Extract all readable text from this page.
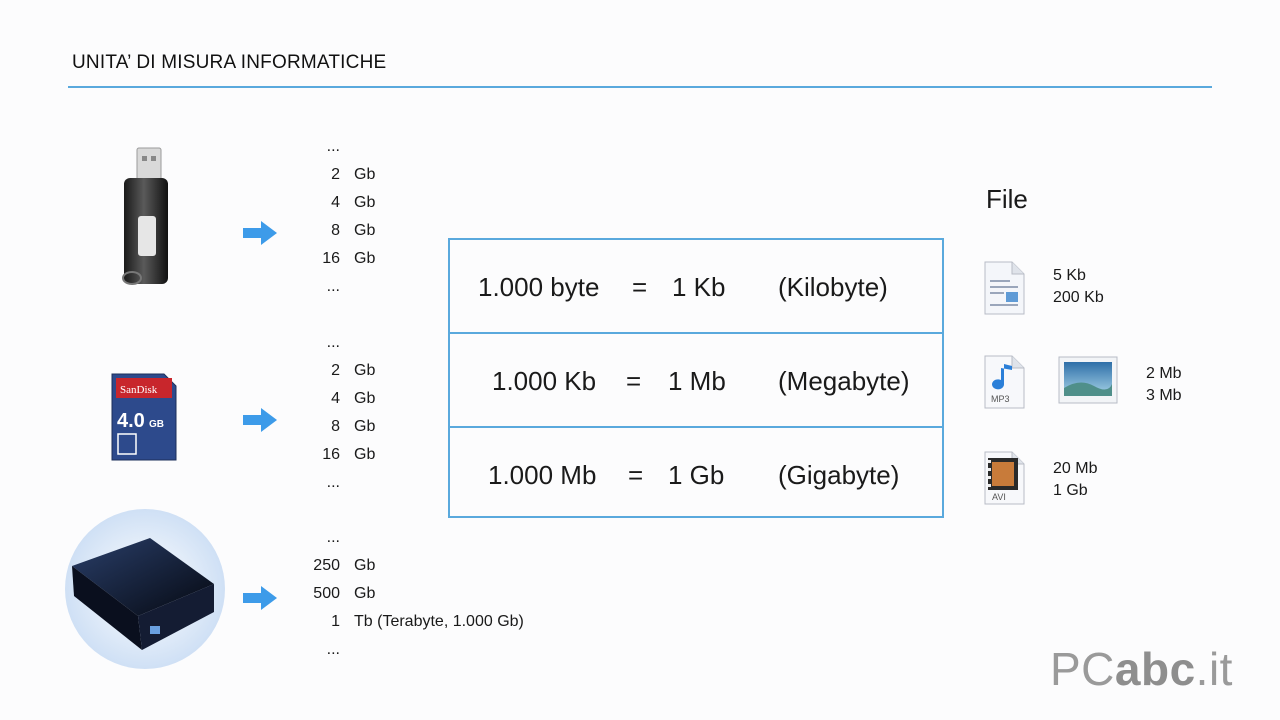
UNITA’ DI MISURA INFORMATICHE
SanDisk
4.0 GB
...
2 Gb
4 Gb
8 Gb
16 Gb
...
...
2 Gb
4 Gb
8 Gb
16 Gb
...
...
250 Gb
500 Gb
1 Tb (Terabyte, 1.000 Gb)
...
1.000 byte = 1 Kb (Kilobyte)
1.000 Kb = 1 Mb (Megabyte)
1.000 Mb = 1 Gb (Gigabyte)
File
5 Kb
200 Kb
MP3
2 Mb
3 Mb
AVI
20 Mb
1 Gb
PCabc.it
